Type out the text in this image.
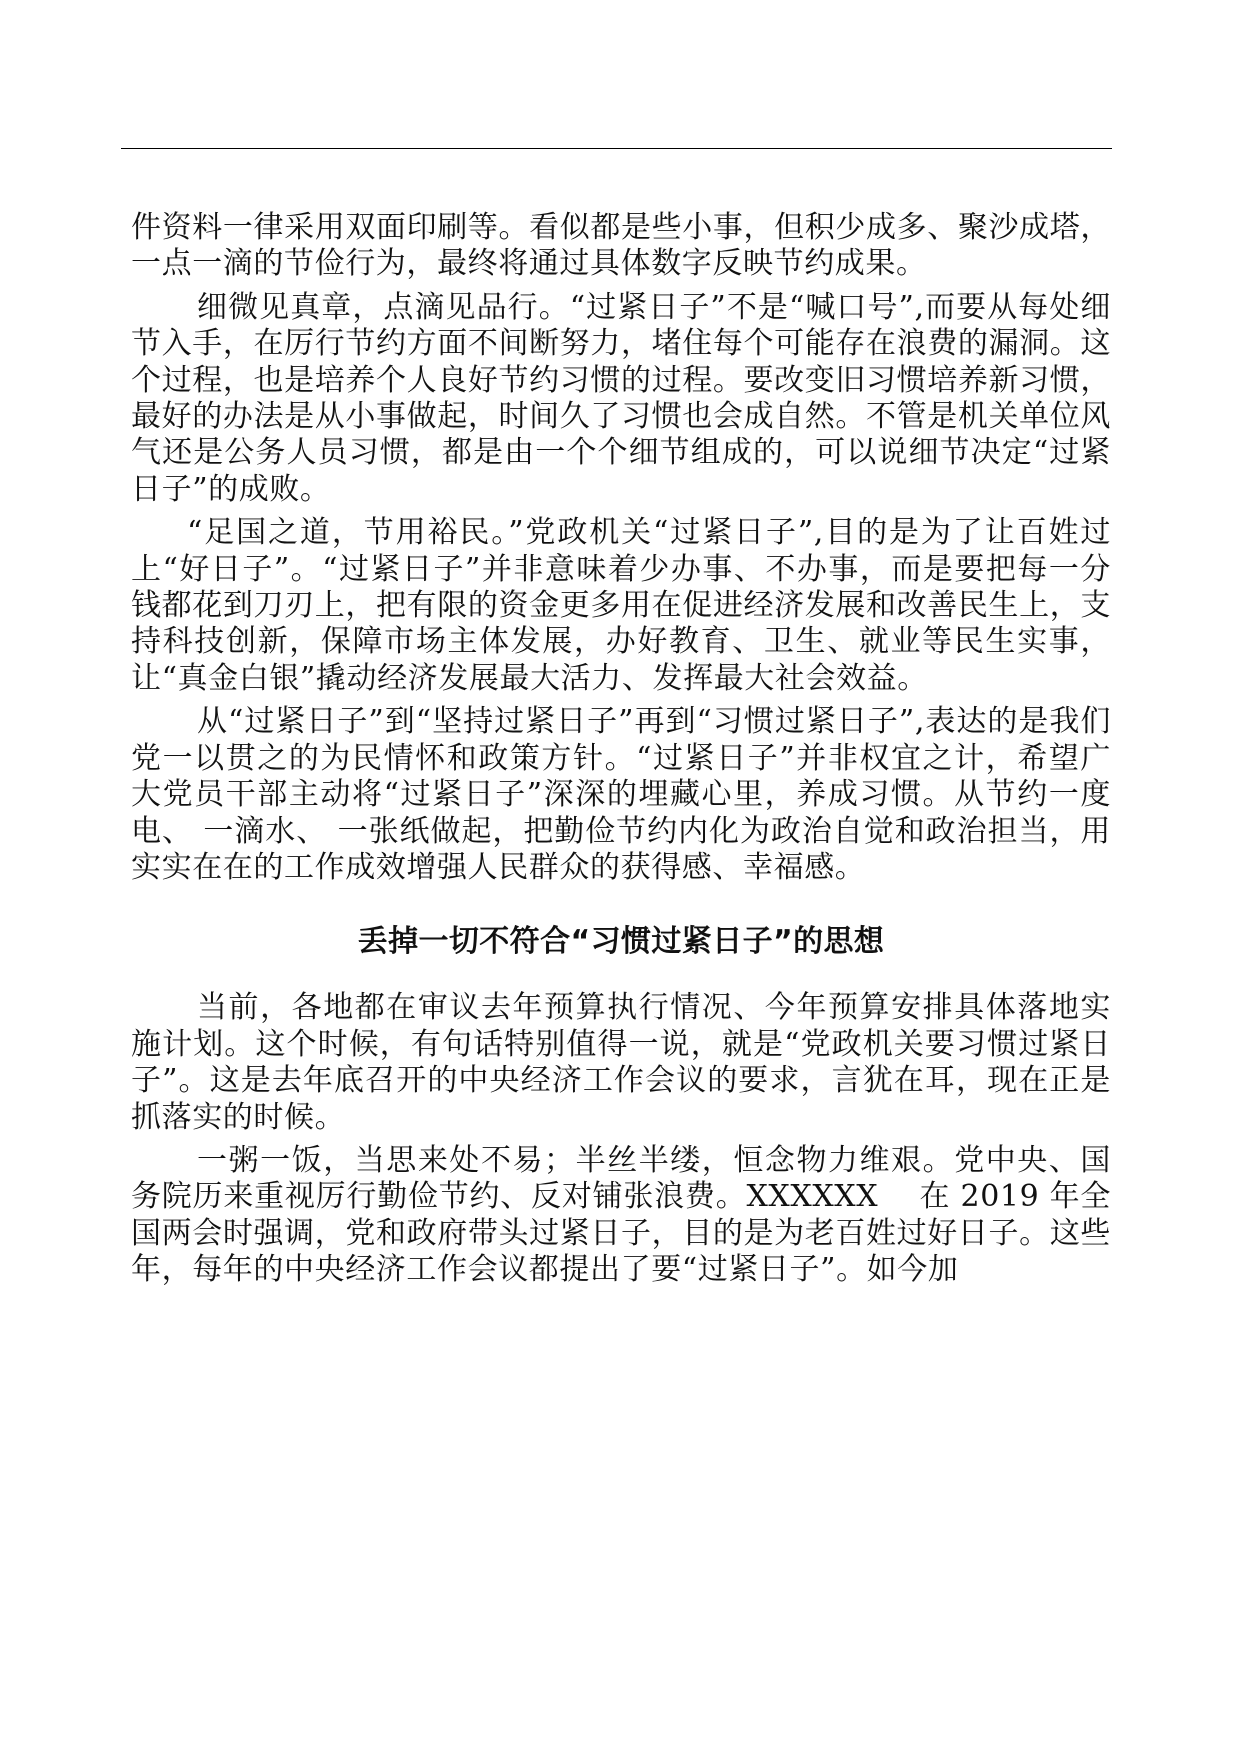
件资料一律采用双面印刷等。看似都是些小事，但积少成多、聚沙成塔， 一点一滴的节俭行为，最终将通过具体数字反映节约成果。

细微见真章，点滴见品行。“过紧日子”不是“喊口号”,而要从每处细节入手，在厉行节约方面不间断努力，堵住每个可能存在浪费的漏洞。这个过程，也是培养个人良好节约习惯的过程。要改变旧习惯培养新习惯，最好的办法是从小事做起，时间久了习惯也会成自然。不管是机关单位风气还是公务人员习惯，都是由一个个细节组成的，可以说细节决定“过紧日子”的成败。

“足国之道，节用裕民。”党政机关“过紧日子”,目的是为了让百姓过上“好日子”。“过紧日子”并非意味着少办事、不办事，而是要把每一分钱都花到刀刃上，把有限的资金更多用在促进经济发展和改善民生上，支持科技创新，保障市场主体发展，办好教育、卫生、就业等民生实事，让“真金白银”撬动经济发展最大活力、发挥最大社会效益。

从“过紧日子”到“坚持过紧日子”再到“习惯过紧日子”,表达的是我们党一以贯之的为民情怀和政策方针。“过紧日子”并非权宜之计，希望广大党员干部主动将“过紧日子”深深的埋藏心里，养成习惯。从节约一度电、 一滴水、 一张纸做起，把勤俭节约内化为政治自觉和政治担当，用实实在在的工作成效增强人民群众的获得感、幸福感。

丢掉一切不符合“习惯过紧日子”的思想

当前，各地都在审议去年预算执行情况、今年预算安排具体落地实施计划。这个时候，有句话特别值得一说，就是“党政机关要习惯过紧日子”。这是去年底召开的中央经济工作会议的要求，言犹在耳，现在正是抓落实的时候。

一粥一饭，当思来处不易；半丝半缕，恒念物力维艰。党中央、国务院历来重视厉行勤俭节约、反对铺张浪费。XXXXXX　 在 2019 年全国两会时强调，党和政府带头过紧日子，目的是为老百姓过好日子。这些年，每年的中央经济工作会议都提出了要“过紧日子”。如今加
